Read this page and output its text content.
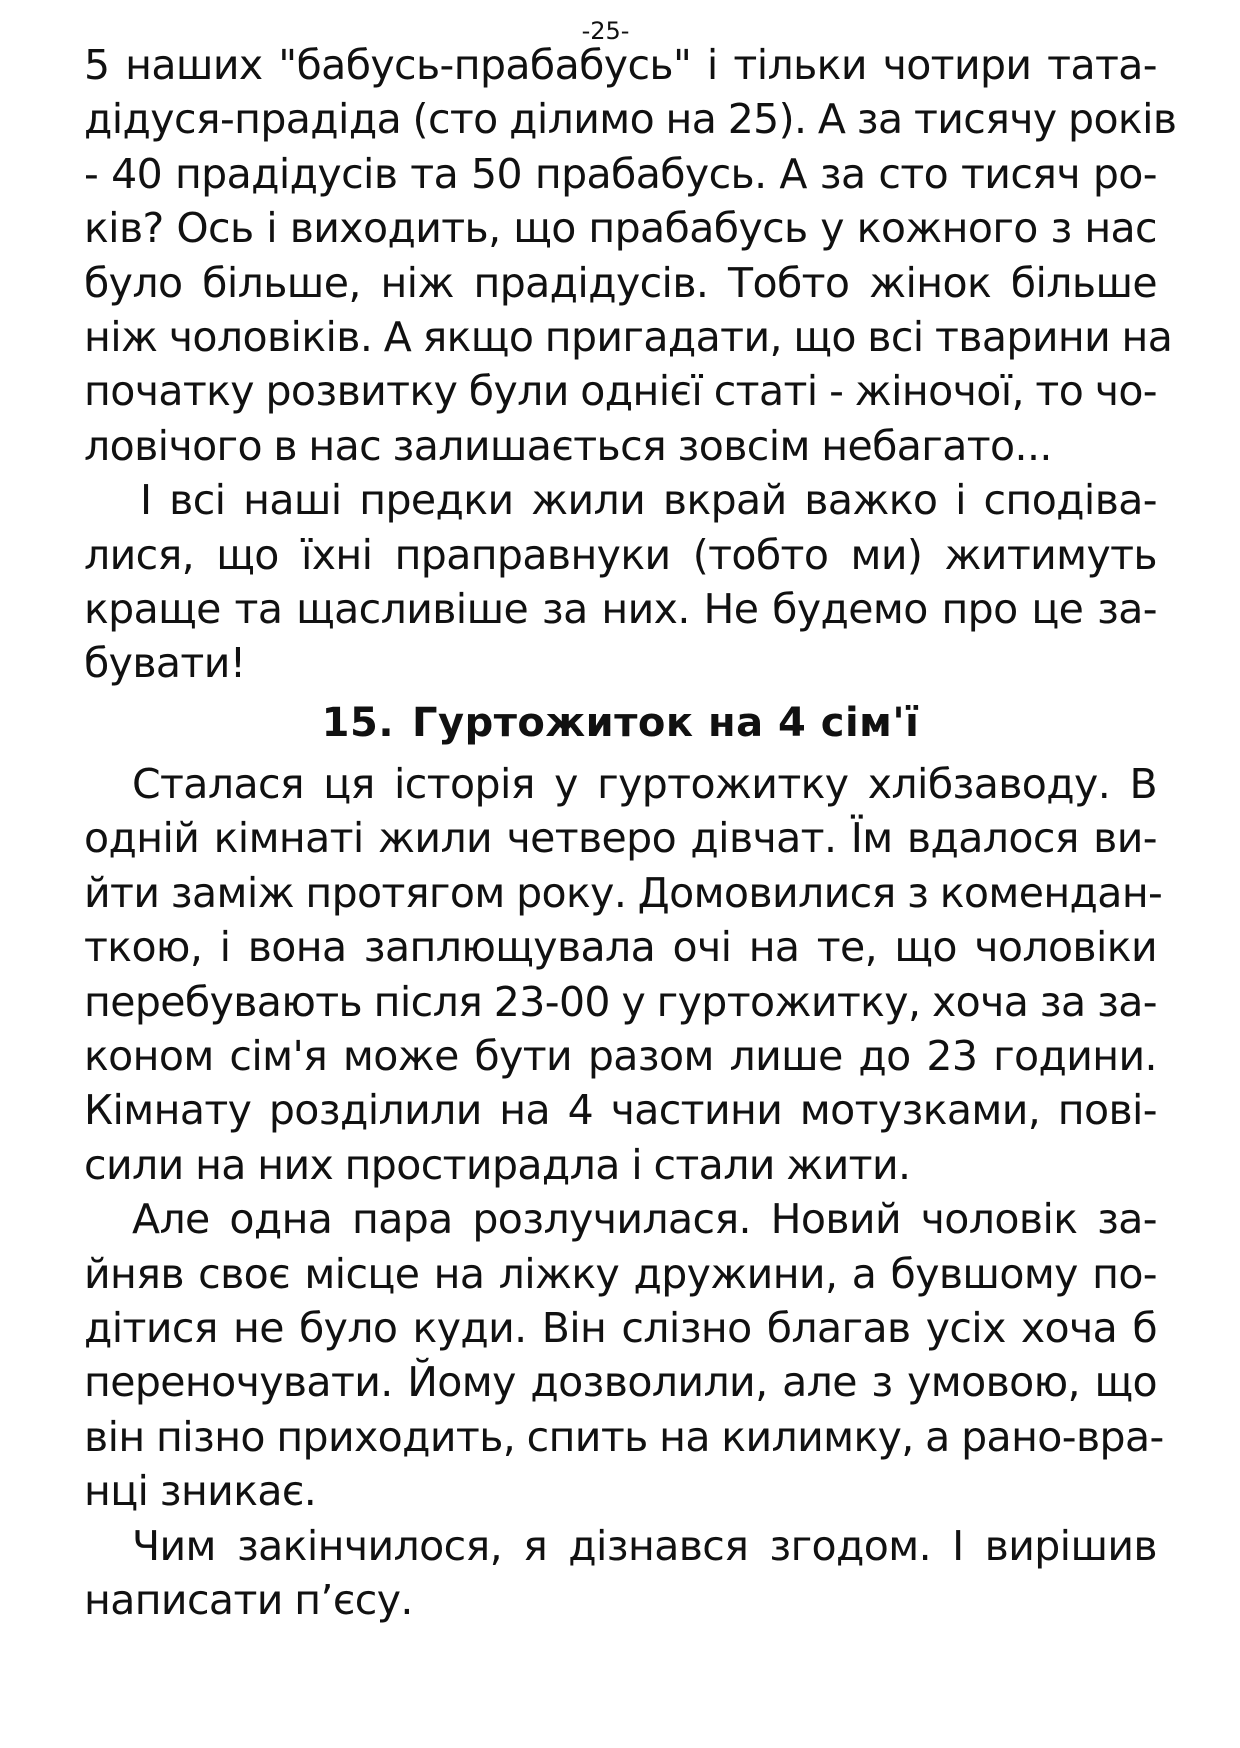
-25-

5 наших "бабусь-прабабусь" і тільки чотири тата-
дідуся-прадіда (сто ділимо на 25). А за тисячу років
- 40 прадідусів та 50 прабабусь. А за сто тисяч ро-
ків? Ось і виходить, що прабабусь у кожного з нас
було більше, ніж прадідусів. Тобто жінок більше
ніж чоловіків. А якщо пригадати, що всі тварини на
початку розвитку були однієї статі - жіночої, то чо-
ловічого в нас залишається зовсім небагато...

І всі наші предки жили вкрай важко і сподіва-
лися, що їхні праправнуки (тобто ми) житимуть
краще та щасливіше за них. Не будемо про це за-
бувати!

15. Гуртожиток на 4 сім'ї

Сталася ця історія у гуртожитку хлібзаводу. В
одній кімнаті жили четверо дівчат. Їм вдалося ви-
йти заміж протягом року. Домовилися з комендан-
ткою, і вона заплющувала очі на те, що чоловіки
перебувають після 23-00 у гуртожитку, хоча за за-
коном сім'я може бути разом лише до 23 години.
Кімнату розділили на 4 частини мотузками, пові-
сили на них простирадла і стали жити.

Але одна пара розлучилася. Новий чоловік за-
йняв своє місце на ліжку дружини, а бувшому по-
дітися не було куди. Він слізно благав усіх хоча б
переночувати. Йому дозволили, але з умовою, що
він пізно приходить, спить на килимку, а рано-вра-
нці зникає.

Чим закінчилося, я дізнався згодом. І вирішив
написати п’єсу.
